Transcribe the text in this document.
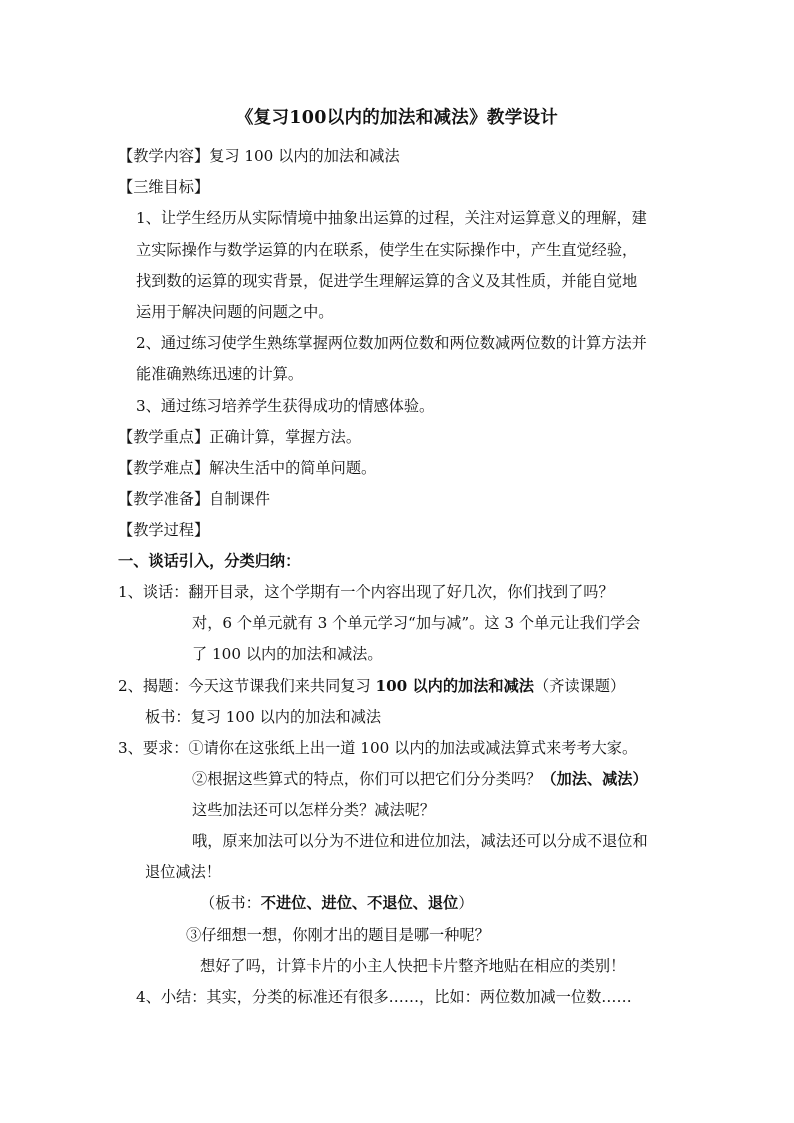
《复习100以内的加法和减法》教学设计
【教学内容】复习 100 以内的加法和减法
【三维目标】
1、让学生经历从实际情境中抽象出运算的过程，关注对运算意义的理解，建
立实际操作与数学运算的内在联系，使学生在实际操作中，产生直觉经验，
找到数的运算的现实背景，促进学生理解运算的含义及其性质，并能自觉地
运用于解决问题的问题之中。
2、通过练习使学生熟练掌握两位数加两位数和两位数减两位数的计算方法并
能准确熟练迅速的计算。
3、通过练习培养学生获得成功的情感体验。
【教学重点】正确计算，掌握方法。
【教学难点】解决生活中的简单问题。
【教学准备】自制课件
【教学过程】
一、谈话引入，分类归纳：
1、谈话：翻开目录，这个学期有一个内容出现了好几次，你们找到了吗？
对，6 个单元就有 3 个单元学习“加与减”。这 3 个单元让我们学会
了 100 以内的加法和减法。
2、揭题：今天这节课我们来共同复习 100 以内的加法和减法（齐读课题）
板书：复习 100 以内的加法和减法
3、要求：①请你在这张纸上出一道 100 以内的加法或减法算式来考考大家。
②根据这些算式的特点，你们可以把它们分分类吗？（加法、减法）
这些加法还可以怎样分类？减法呢？
哦，原来加法可以分为不进位和进位加法，减法还可以分成不退位和
退位减法！
（板书：不进位、进位、不退位、退位）
③仔细想一想，你刚才出的题目是哪一种呢？
想好了吗，计算卡片的小主人快把卡片整齐地贴在相应的类别！
4、小结：其实，分类的标准还有很多……，比如：两位数加减一位数……
